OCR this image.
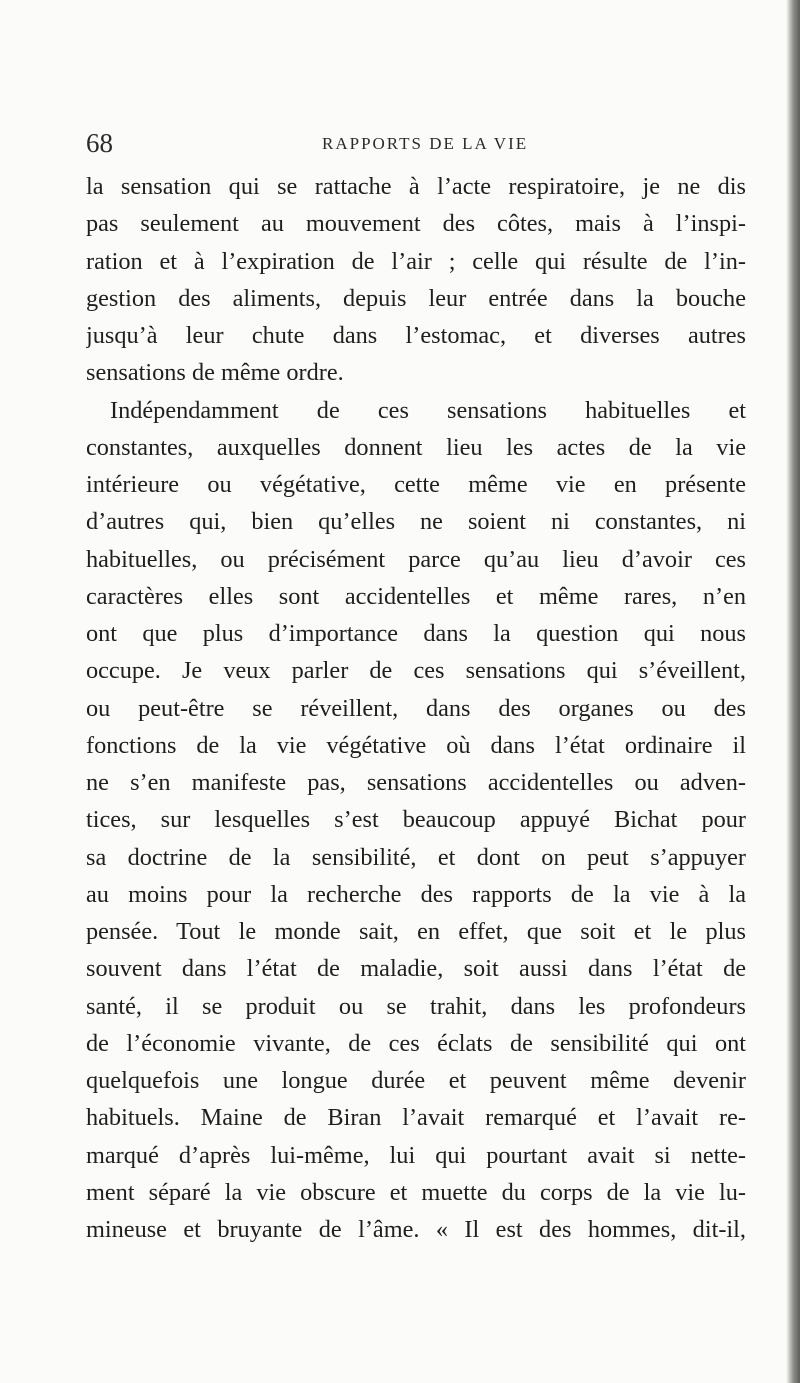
68	RAPPORTS DE LA VIE
la sensation qui se rattache à l’acte respiratoire, je ne dis
pas seulement au mouvement des côtes, mais à l’inspi-
ration et à l’expiration de l’air ; celle qui résulte de l’in-
gestion des aliments, depuis leur entrée dans la bouche
jusqu’à leur chute dans l’estomac, et diverses autres
sensations de même ordre.
Indépendamment de ces sensations habituelles et
constantes, auxquelles donnent lieu les actes de la vie
intérieure ou végétative, cette même vie en présente
d’autres qui, bien qu’elles ne soient ni constantes, ni
habituelles, ou précisément parce qu’au lieu d’avoir ces
caractères elles sont accidentelles et même rares, n’en
ont que plus d’importance dans la question qui nous
occupe. Je veux parler de ces sensations qui s’éveillent,
ou peut-être se réveillent, dans des organes ou des
fonctions de la vie végétative où dans l’état ordinaire il
ne s’en manifeste pas, sensations accidentelles ou adven-
tices, sur lesquelles s’est beaucoup appuyé Bichat pour
sa doctrine de la sensibilité, et dont on peut s’appuyer
au moins pour la recherche des rapports de la vie à la
pensée. Tout le monde sait, en effet, que soit et le plus
souvent dans l’état de maladie, soit aussi dans l’état de
santé, il se produit ou se trahit, dans les profondeurs
de l’économie vivante, de ces éclats de sensibilité qui ont
quelquefois une longue durée et peuvent même devenir
habituels. Maine de Biran l’avait remarqué et l’avait re-
marqué d’après lui-même, lui qui pourtant avait si nette-
ment séparé la vie obscure et muette du corps de la vie lu-
mineuse et bruyante de l’âme. « Il est des hommes, dit-il,
